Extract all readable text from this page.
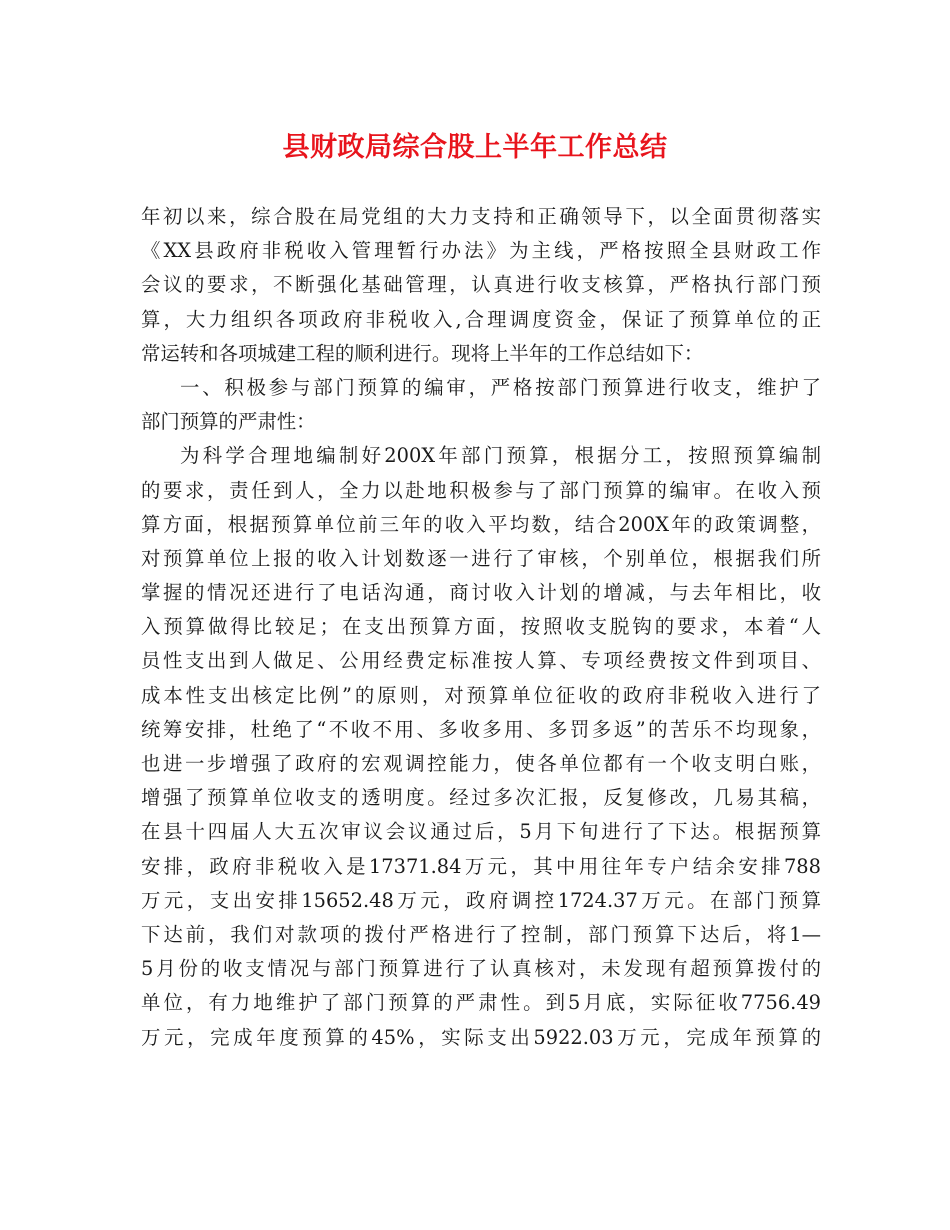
县财政局综合股上半年工作总结
年初以来，综合股在局党组的大力支持和正确领导下，以全面贯彻落实
《XX县政府非税收入管理暂行办法》为主线，严格按照全县财政工作
会议的要求，不断强化基础管理，认真进行收支核算，严格执行部门预
算，大力组织各项政府非税收入,合理调度资金，保证了预算单位的正
常运转和各项城建工程的顺利进行。现将上半年的工作总结如下：
一、积极参与部门预算的编审，严格按部门预算进行收支，维护了
部门预算的严肃性：
为科学合理地编制好200X年部门预算，根据分工，按照预算编制
的要求，责任到人，全力以赴地积极参与了部门预算的编审。在收入预
算方面，根据预算单位前三年的收入平均数，结合200X年的政策调整，
对预算单位上报的收入计划数逐一进行了审核，个别单位，根据我们所
掌握的情况还进行了电话沟通，商讨收入计划的增减，与去年相比，收
入预算做得比较足；在支出预算方面，按照收支脱钩的要求，本着“人
员性支出到人做足、公用经费定标准按人算、专项经费按文件到项目、
成本性支出核定比例”的原则，对预算单位征收的政府非税收入进行了
统筹安排，杜绝了“不收不用、多收多用、多罚多返”的苦乐不均现象，
也进一步增强了政府的宏观调控能力，使各单位都有一个收支明白账，
增强了预算单位收支的透明度。经过多次汇报，反复修改，几易其稿，
在县十四届人大五次审议会议通过后，5月下旬进行了下达。根据预算
安排，政府非税收入是17371.84万元，其中用往年专户结余安排788
万元，支出安排15652.48万元，政府调控1724.37万元。在部门预算
下达前，我们对款项的拨付严格进行了控制，部门预算下达后，将1—
5月份的收支情况与部门预算进行了认真核对，未发现有超预算拨付的
单位，有力地维护了部门预算的严肃性。到5月底，实际征收7756.49
万元，完成年度预算的45%，实际支出5922.03万元，完成年预算的
